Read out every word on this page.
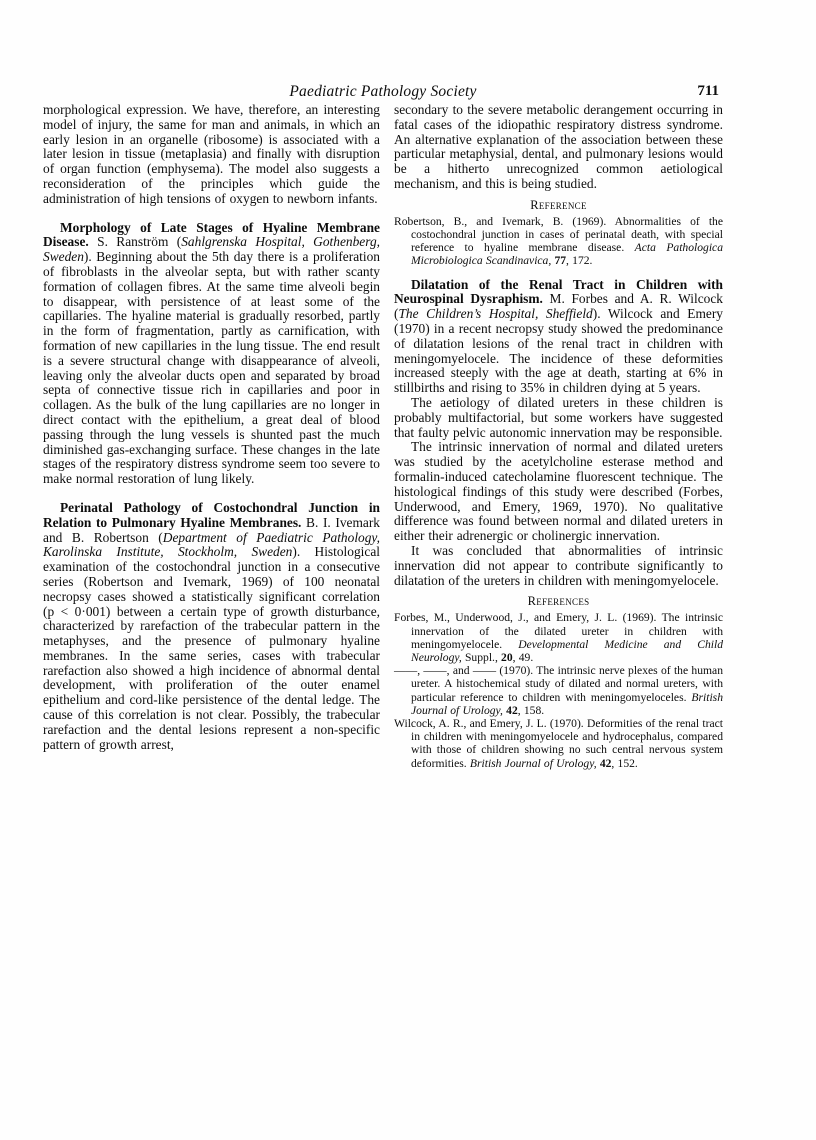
Paediatric Pathology Society	711

morphological expression. We have, therefore, an interesting model of injury, the same for man and animals, in which an early lesion in an organelle (ribosome) is associated with a later lesion in tissue (metaplasia) and finally with disruption of organ function (emphysema). The model also suggests a reconsideration of the principles which guide the administration of high tensions of oxygen to newborn infants.

Morphology of Late Stages of Hyaline Membrane Disease. S. Ranström (Sahlgrenska Hospital, Gothenberg, Sweden). Beginning about the 5th day there is a proliferation of fibroblasts in the alveolar septa, but with rather scanty formation of collagen fibres. At the same time alveoli begin to disappear, with persistence of at least some of the capillaries. The hyaline material is gradually resorbed, partly in the form of fragmentation, partly as carnification, with formation of new capillaries in the lung tissue. The end result is a severe structural change with disappearance of alveoli, leaving only the alveolar ducts open and separated by broad septa of connective tissue rich in capillaries and poor in collagen. As the bulk of the lung capillaries are no longer in direct contact with the epithelium, a great deal of blood passing through the lung vessels is shunted past the much diminished gas-exchanging surface. These changes in the late stages of the respiratory distress syndrome seem too severe to make normal restoration of lung likely.

Perinatal Pathology of Costochondral Junction in Relation to Pulmonary Hyaline Membranes. B. I. Ivemark and B. Robertson (Department of Paediatric Pathology, Karolinska Institute, Stockholm, Sweden). Histological examination of the costochondral junction in a consecutive series (Robertson and Ivemark, 1969) of 100 neonatal necropsy cases showed a statistically significant correlation (p < 0·001) between a certain type of growth disturbance, characterized by rarefaction of the trabecular pattern in the metaphyses, and the presence of pulmonary hyaline membranes. In the same series, cases with trabecular rarefaction also showed a high incidence of abnormal dental development, with proliferation of the outer enamel epithelium and cord-like persistence of the dental ledge. The cause of this correlation is not clear. Possibly, the trabecular rarefaction and the dental lesions represent a non-specific pattern of growth arrest,

secondary to the severe metabolic derangement occurring in fatal cases of the idiopathic respiratory distress syndrome. An alternative explanation of the association between these particular metaphysial, dental, and pulmonary lesions would be a hitherto unrecognized common aetiological mechanism, and this is being studied.

Reference

Robertson, B., and Ivemark, B. (1969). Abnormalities of the costochondral junction in cases of perinatal death, with special reference to hyaline membrane disease. Acta Pathologica Microbiologica Scandinavica, 77, 172.

Dilatation of the Renal Tract in Children with Neurospinal Dysraphism. M. Forbes and A. R. Wilcock (The Children’s Hospital, Sheffield). Wilcock and Emery (1970) in a recent necropsy study showed the predominance of dilatation lesions of the renal tract in children with meningomyelocele. The incidence of these deformities increased steeply with the age at death, starting at 6% in stillbirths and rising to 35% in children dying at 5 years.

The aetiology of dilated ureters in these children is probably multifactorial, but some workers have suggested that faulty pelvic autonomic innervation may be responsible.

The intrinsic innervation of normal and dilated ureters was studied by the acetylcholine esterase method and formalin-induced catecholamine fluorescent technique. The histological findings of this study were described (Forbes, Underwood, and Emery, 1969, 1970). No qualitative difference was found between normal and dilated ureters in either their adrenergic or cholinergic innervation.

It was concluded that abnormalities of intrinsic innervation did not appear to contribute significantly to dilatation of the ureters in children with meningomyelocele.

References

Forbes, M., Underwood, J., and Emery, J. L. (1969). The intrinsic innervation of the dilated ureter in children with meningomyelocele. Developmental Medicine and Child Neurology, Suppl., 20, 49.

——, ——, and —— (1970). The intrinsic nerve plexes of the human ureter. A histochemical study of dilated and normal ureters, with particular reference to children with meningomyeloceles. British Journal of Urology, 42, 158.

Wilcock, A. R., and Emery, J. L. (1970). Deformities of the renal tract in children with meningomyelocele and hydrocephalus, compared with those of children showing no such central nervous system deformities. British Journal of Urology, 42, 152.
